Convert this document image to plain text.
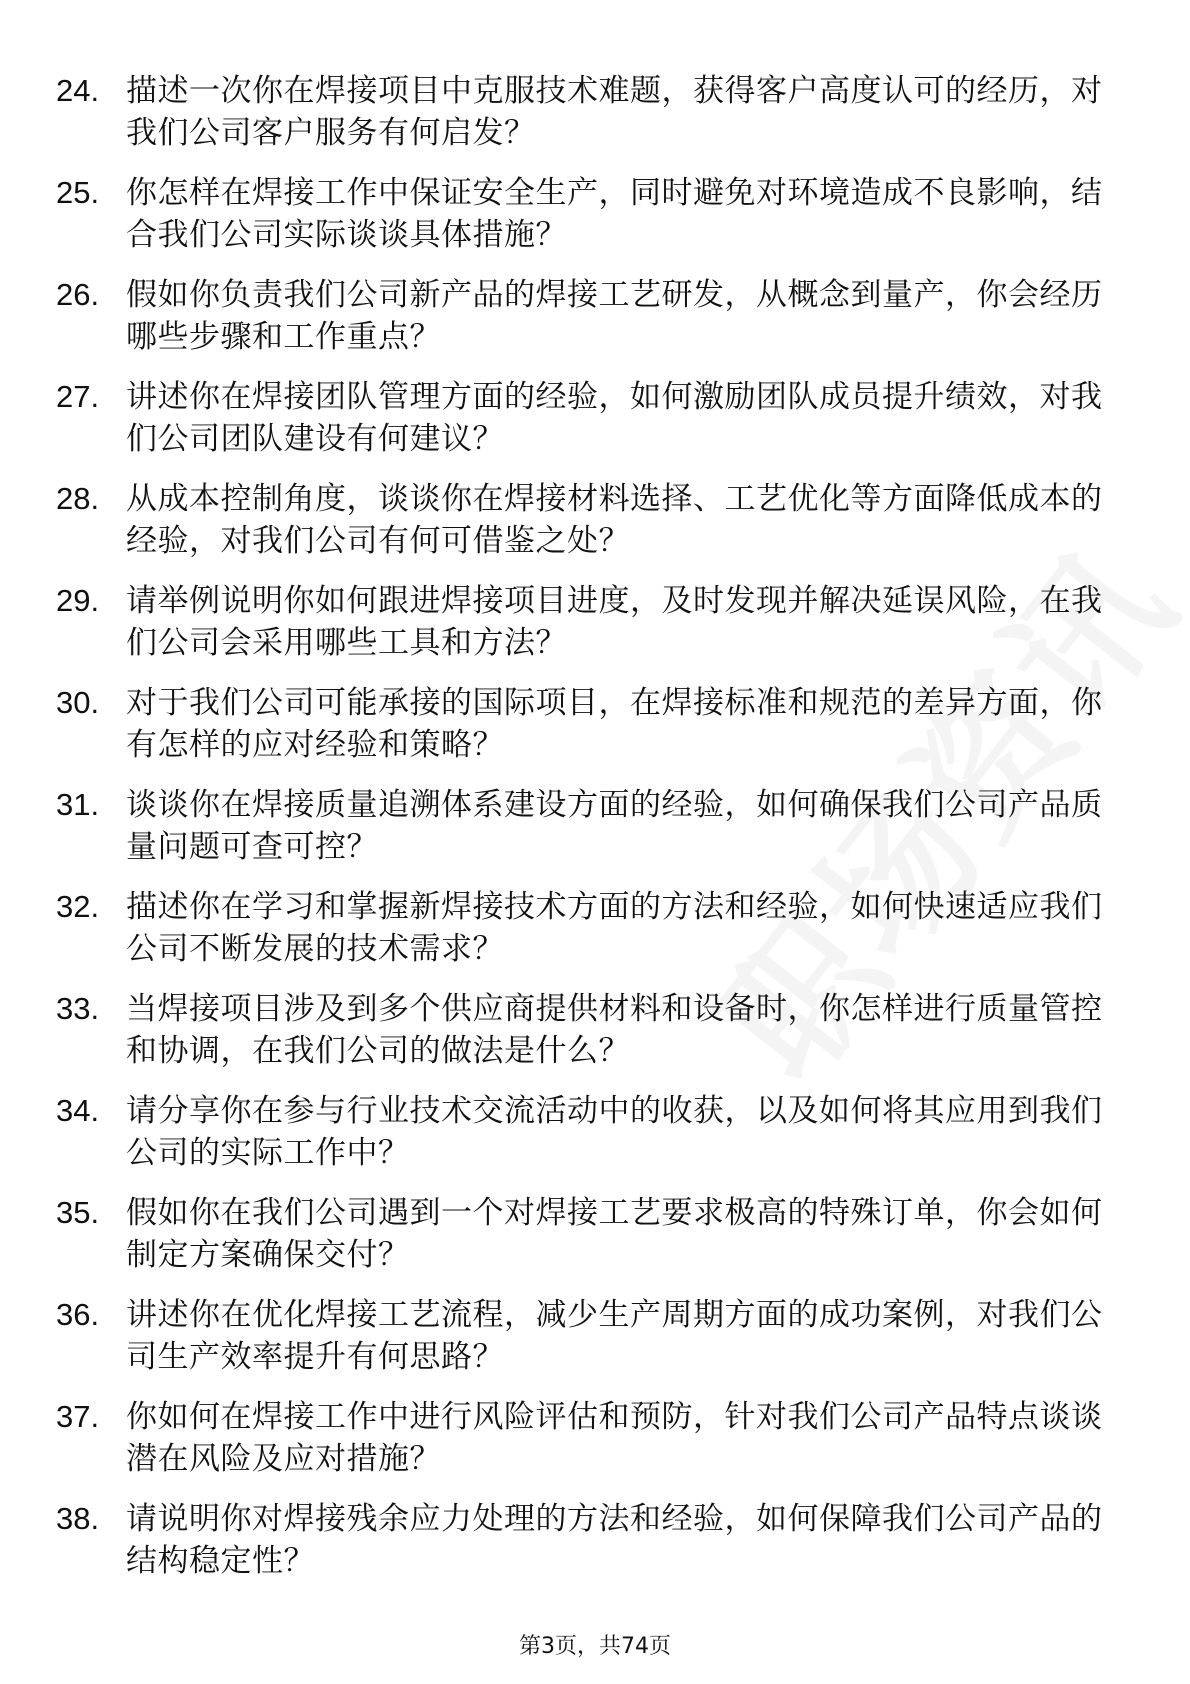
24. 描述一次你在焊接项目中克服技术难题，获得客户高度认可的经历，对我们公司客户服务有何启发？
25. 你怎样在焊接工作中保证安全生产，同时避免对环境造成不良影响，结合我们公司实际谈谈具体措施？
26. 假如你负责我们公司新产品的焊接工艺研发，从概念到量产，你会经历哪些步骤和工作重点？
27. 讲述你在焊接团队管理方面的经验，如何激励团队成员提升绩效，对我们公司团队建设有何建议？
28. 从成本控制角度，谈谈你在焊接材料选择、工艺优化等方面降低成本的经验，对我们公司有何可借鉴之处？
29. 请举例说明你如何跟进焊接项目进度，及时发现并解决延误风险，在我们公司会采用哪些工具和方法？
30. 对于我们公司可能承接的国际项目，在焊接标准和规范的差异方面，你有怎样的应对经验和策略？
31. 谈谈你在焊接质量追溯体系建设方面的经验，如何确保我们公司产品质量问题可查可控？
32. 描述你在学习和掌握新焊接技术方面的方法和经验，如何快速适应我们公司不断发展的技术需求？
33. 当焊接项目涉及到多个供应商提供材料和设备时，你怎样进行质量管控和协调，在我们公司的做法是什么？
34. 请分享你在参与行业技术交流活动中的收获，以及如何将其应用到我们公司的实际工作中？
35. 假如你在我们公司遇到一个对焊接工艺要求极高的特殊订单，你会如何制定方案确保交付？
36. 讲述你在优化焊接工艺流程，减少生产周期方面的成功案例，对我们公司生产效率提升有何思路？
37. 你如何在焊接工作中进行风险评估和预防，针对我们公司产品特点谈谈潜在风险及应对措施？
38. 请说明你对焊接残余应力处理的方法和经验，如何保障我们公司产品的结构稳定性？
第3页，共74页
